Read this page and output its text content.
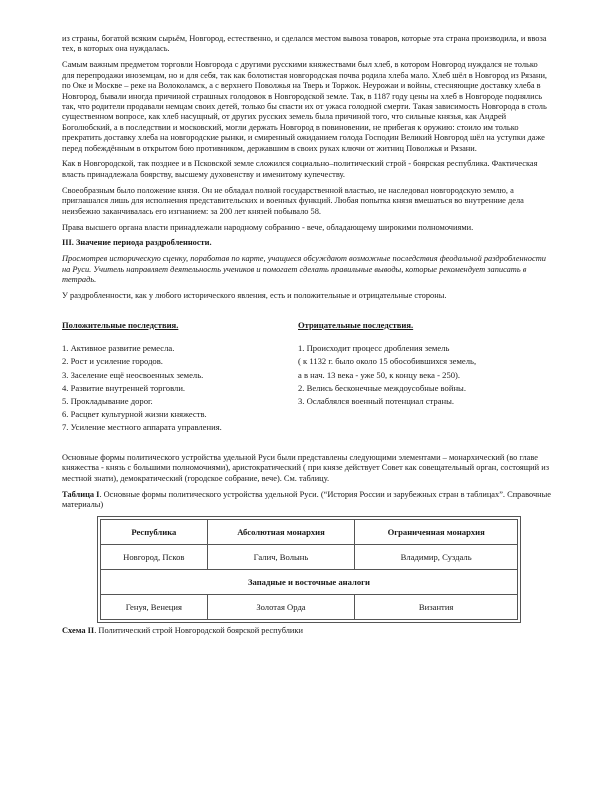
из страны, богатой всяким сырьём, Новгород, естественно, и сделался местом вывоза товаров, которые эта страна производила, и ввоза тех, в которых она нуждалась.

Самым важным предметом торговли Новгорода с другими русскими княжествами был хлеб, в котором Новгород нуждался не только для перепродажи иноземцам, но и для себя, так как болотистая новгородская почва родила хлеба мало. Хлеб шёл в Новгород из Рязани, по Оке и Москве – реке на Волоколамск, а с верхнего Поволжья на Тверь и Торжок. Неурожаи и войны, стесняющие доставку хлеба в Новгород, бывали иногда причиной страшных голодовок в Новгородской земле. Так, в 1187 году цены на хлеб в Новгороде поднялись так, что родители продавали немцам своих детей, только бы спасти их от ужаса голодной смерти. Такая зависимость Новгорода в столь существенном вопросе, как хлеб насущный, от других русских земель была причиной того, что сильные князья, как Андрей Боголюбский, а в последствии и московский, могли держать Новгород в повиновении, не прибегая к оружию: стоило им только прекратить доставку хлеба на новгородские рынки, и смиренный ожиданием голода Господин Великий Новгород шёл на уступки даже перед побеждённым в открытом бою противником, державшим в своих руках ключи от житниц Поволжья и Рязани.

Как в Новгородской, так позднее и в Псковской земле сложился социально–политический строй - боярская республика. Фактическая власть принадлежала боярству, высшему духовенству и именитому купечеству.

Своеобразным было положение князя. Он не обладал полной государственной властью, не наследовал новгородскую землю, а приглашался лишь для исполнения представительских и военных функций. Любая попытка князя вмешаться во внутренние дела неизбежно заканчивалась его изгнанием: за 200 лет князей побывало 58.

Права высшего органа власти принадлежали народному собранию - вече, обладающему широкими полномочиями.

III. Значение периода раздробленности.

Просмотрев историческую сценку, поработав по карте, учащиеся обсуждают возможные последствия феодальной раздробленности на Руси. Учитель направляет деятельность учеников и помогает сделать правильные выводы, которые рекомендует записать в тетрадь.

У раздробленности, как у любого исторического явления, есть и положительные и отрицательные стороны.

Положительные последствия.
1. Активное развитие ремесла.
2. Рост и усиление городов.
3. Заселение ещё неосвоенных земель.
4. Развитие внутренней торговли.
5. Прокладывание дорог.
6. Расцвет культурной жизни княжеств.
7. Усиление местного аппарата управления.
Отрицательные последствия.
1. Происходит процесс дробления земель
( к 1132 г. было около 15 обособившихся земель,
а в нач. 13 века - уже 50, к концу века - 250).
2. Велись бесконечные междоусобные войны.
3. Ослаблялся военный потенциал страны.

Основные формы политического устройства удельной Руси были представлены следующими элементами – монархический (во главе княжества - князь с большими полномочиями), аристократический ( при князе действует Совет как совещательный орган, состоящий из местной знати), демократический (городское собрание, вече). См. таблицу.

Таблица I. Основные формы политического устройства удельной Руси. (“История России и зарубежных стран в таблицах”. Справочные материалы)

Республика	Абсолютная монархия	Ограниченная монархия
Новгород, Псков	Галич, Волынь	Владимир, Суздаль
Западные и восточные аналоги		
Генуя, Венеция	Золотая Орда	Византия

Схема II. Политический строй Новгородской боярской республики
